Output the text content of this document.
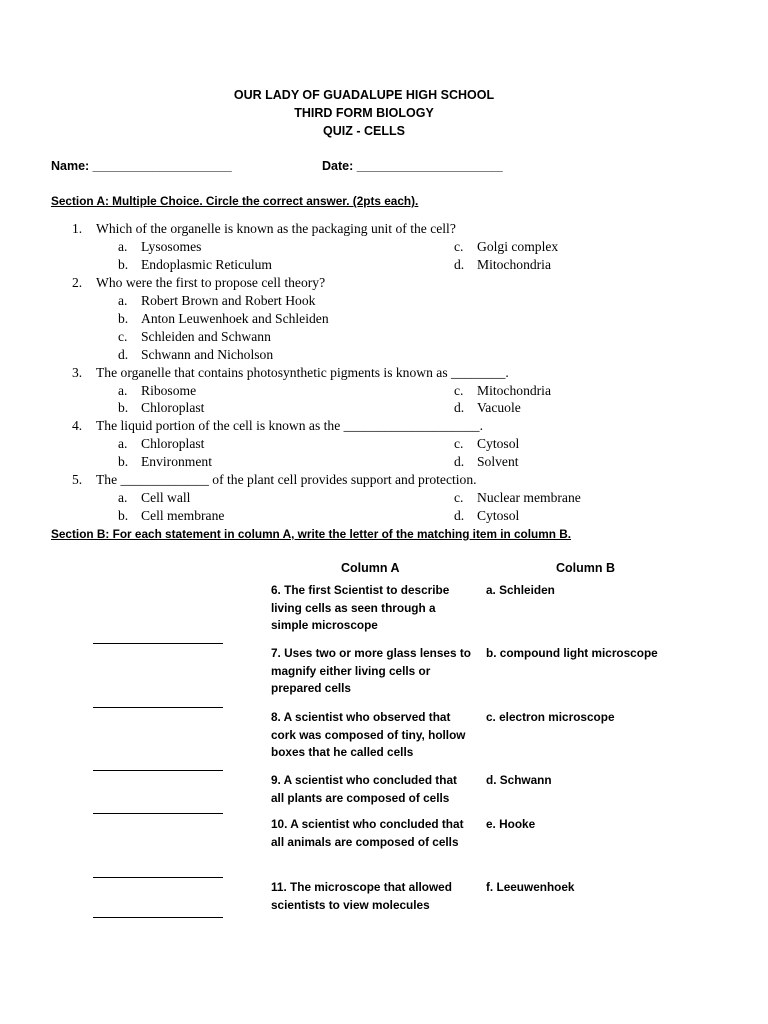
OUR LADY OF GUADALUPE HIGH SCHOOL
THIRD FORM BIOLOGY
QUIZ - CELLS
Name: ____________________	Date: _____________________
Section A: Multiple Choice. Circle the correct answer. (2pts each).
1. Which of the organelle is known as the packaging unit of the cell?
a. Lysosomes
b. Endoplasmic Reticulum
c. Golgi complex
d. Mitochondria
2. Who were the first to propose cell theory?
a. Robert Brown and Robert Hook
b. Anton Leuwenhoek and Schleiden
c. Schleiden and Schwann
d. Schwann and Nicholson
3. The organelle that contains photosynthetic pigments is known as ________.
a. Ribosome
b. Chloroplast
c. Mitochondria
d. Vacuole
4. The liquid portion of the cell is known as the ____________________.
a. Chloroplast
b. Environment
c. Cytosol
d. Solvent
5. The _____________ of the plant cell provides support and protection.
a. Cell wall
b. Cell membrane
c. Nuclear membrane
d. Cytosol
Section B: For each statement in column A, write the letter of the matching item in column B.
Column A	Column B
6. The first Scientist to describe living cells as seen through a simple microscope
a. Schleiden
7. Uses two or more glass lenses to magnify either living cells or prepared cells
b. compound light microscope
8. A scientist who observed that cork was composed of tiny, hollow boxes that he called cells
c. electron microscope
9. A scientist who concluded that all plants are composed of cells
d. Schwann
10. A scientist who concluded that all animals are composed of cells
e. Hooke
11. The microscope that allowed scientists to view molecules
f. Leeuwenhoek
